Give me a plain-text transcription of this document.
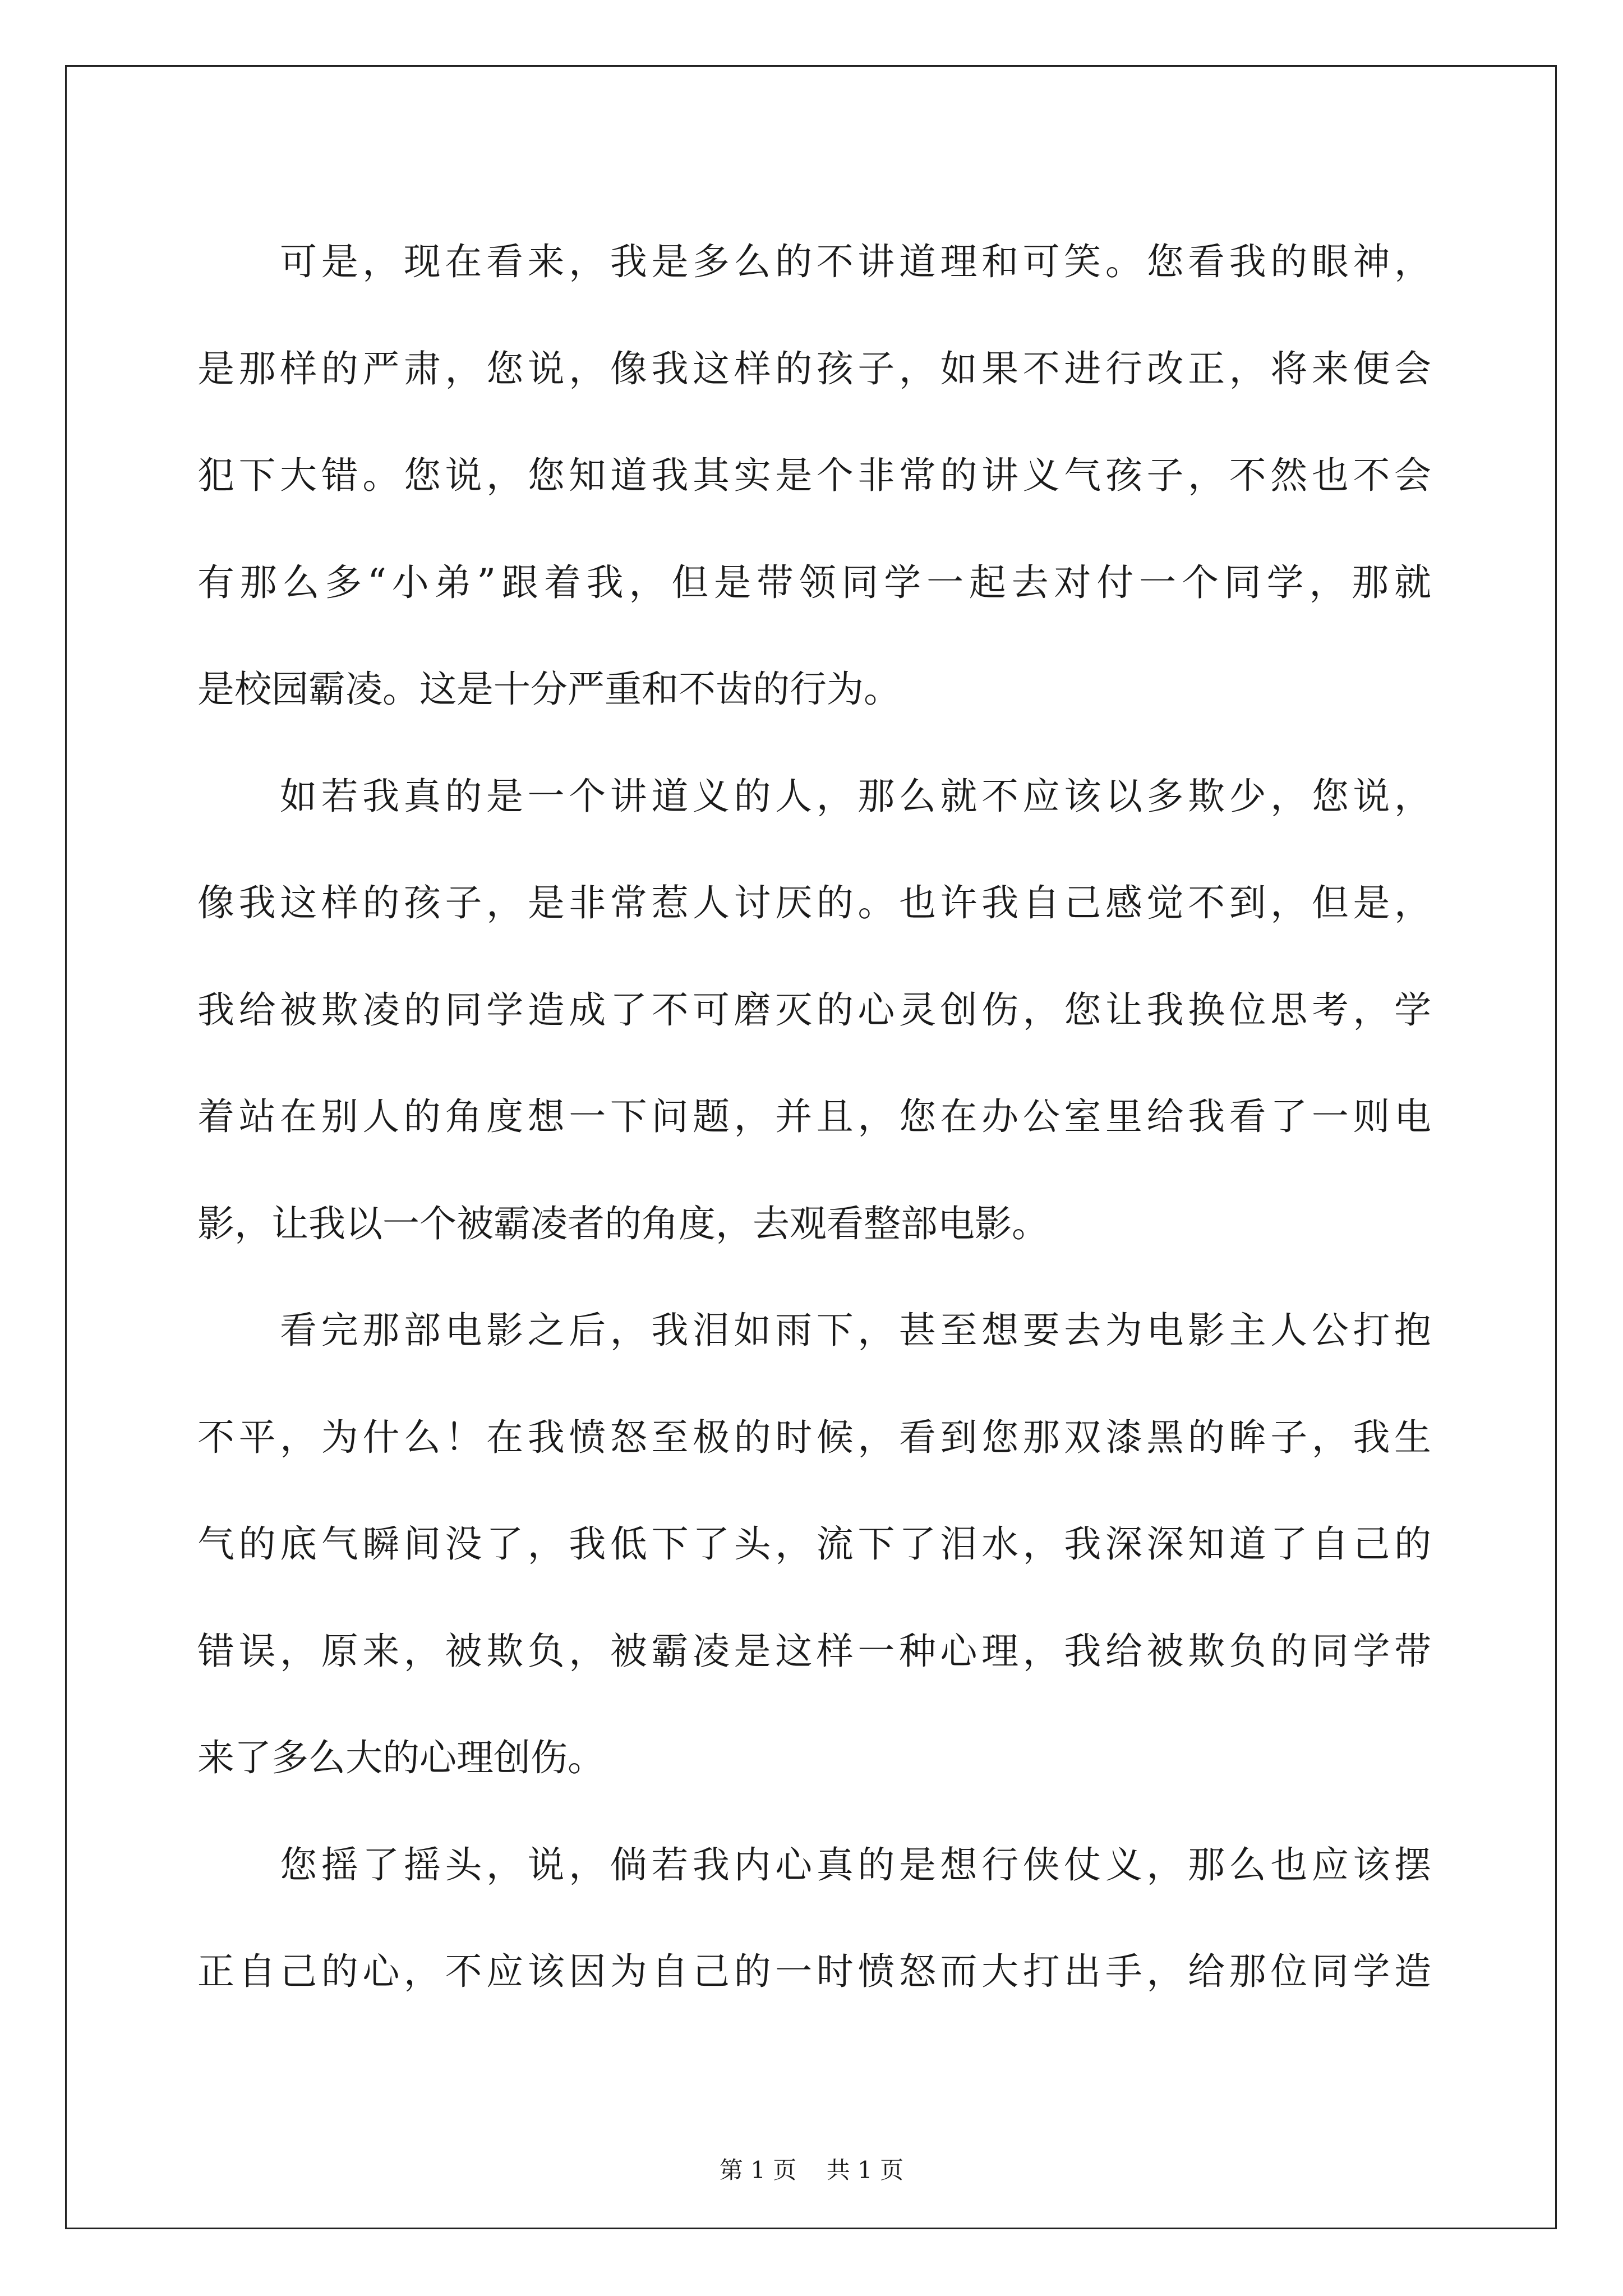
可是，现在看来，我是多么的不讲道理和可笑。您看我的眼神，
是那样的严肃，您说，像我这样的孩子，如果不进行改正，将来便会
犯下大错。您说，您知道我其实是个非常的讲义气孩子，不然也不会
有那么多“小弟”跟着我，但是带领同学一起去对付一个同学，那就
是校园霸凌。这是十分严重和不齿的行为。
如若我真的是一个讲道义的人，那么就不应该以多欺少，您说，
像我这样的孩子，是非常惹人讨厌的。也许我自己感觉不到，但是，
我给被欺凌的同学造成了不可磨灭的心灵创伤，您让我换位思考，学
着站在别人的角度想一下问题，并且，您在办公室里给我看了一则电
影，让我以一个被霸凌者的角度，去观看整部电影。
看完那部电影之后，我泪如雨下，甚至想要去为电影主人公打抱
不平，为什么！在我愤怒至极的时候，看到您那双漆黑的眸子，我生
气的底气瞬间没了，我低下了头，流下了泪水，我深深知道了自己的
错误，原来，被欺负，被霸凌是这样一种心理，我给被欺负的同学带
来了多么大的心理创伤。
您摇了摇头，说，倘若我内心真的是想行侠仗义，那么也应该摆
正自己的心，不应该因为自己的一时愤怒而大打出手，给那位同学造
第 1 页    共 1 页
